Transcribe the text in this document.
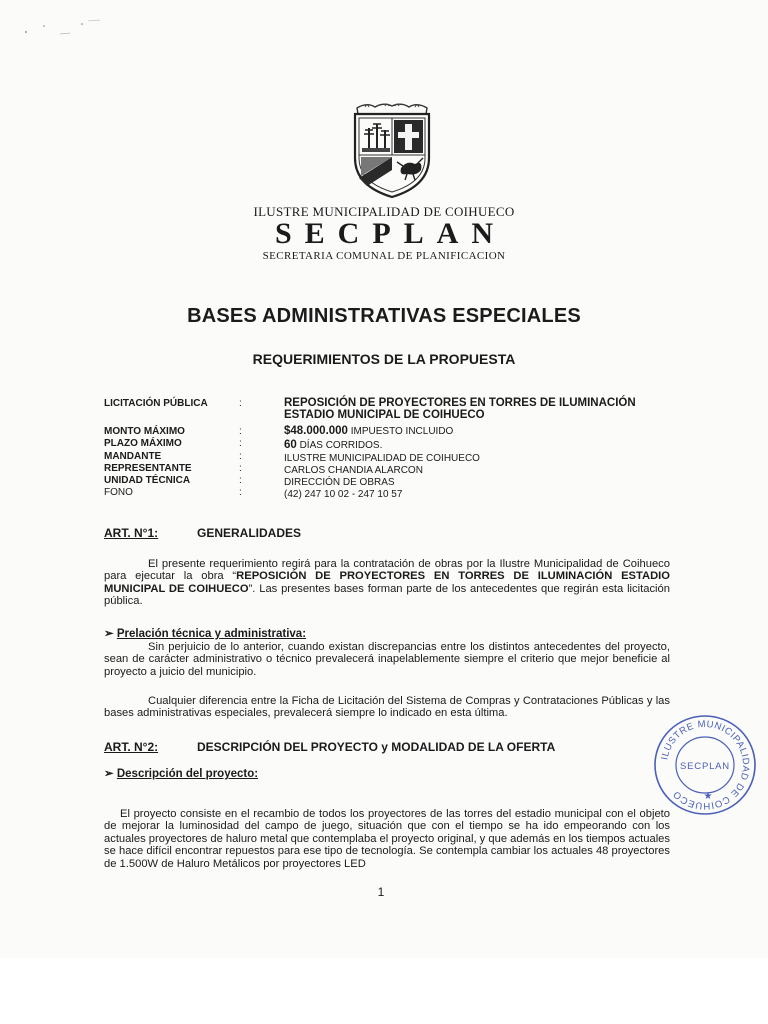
ILUSTRE MUNICIPALIDAD DE COIHUECO
SECPLAN
SECRETARIA COMUNAL DE PLANIFICACION
BASES ADMINISTRATIVAS ESPECIALES
REQUERIMIENTOS DE LA PROPUESTA
LICITACIÓN PÚBLICA	:	REPOSICIÓN DE PROYECTORES EN TORRES DE ILUMINACIÓN
ESTADIO MUNICIPAL DE COIHUECO
MONTO MÁXIMO	:	$48.000.000 IMPUESTO INCLUIDO
PLAZO MÁXIMO	:	60 DÍAS CORRIDOS.
MANDANTE	:	ILUSTRE MUNICIPALIDAD DE COIHUECO
REPRESENTANTE	:	CARLOS CHANDIA ALARCON
UNIDAD TÉCNICA	:	DIRECCIÓN DE OBRAS
FONO	:	(42) 247 10 02 - 247 10 57
ART. N°1:	GENERALIDADES
El presente requerimiento regirá para la contratación de obras por la Ilustre Municipalidad de Coihueco para ejecutar la obra “REPOSICIÓN DE PROYECTORES EN TORRES DE ILUMINACIÓN ESTADIO MUNICIPAL DE COIHUECO”. Las presentes bases forman parte de los antecedentes que regirán esta licitación pública.
➢ Prelación técnica y administrativa:
Sin perjuicio de lo anterior, cuando existan discrepancias entre los distintos antecedentes del proyecto, sean de carácter administrativo o técnico prevalecerá inapelablemente siempre el criterio que mejor beneficie al proyecto a juicio del municipio.
Cualquier diferencia entre la Ficha de Licitación del Sistema de Compras y Contrataciones Públicas y las bases administrativas especiales, prevalecerá siempre lo indicado en esta última.
ART. N°2:	DESCRIPCIÓN DEL PROYECTO y MODALIDAD DE LA OFERTA
➢ Descripción del proyecto:
El proyecto consiste en el recambio de todos los proyectores de las torres del estadio municipal con el objeto de mejorar la luminosidad del campo de juego, situación que con el tiempo se ha ido empeorando con los actuales proyectores de haluro metal que contemplaba el proyecto original, y que además en los tiempos actuales se hace difícil encontrar repuestos para ese tipo de tecnología. Se contempla cambiar los actuales 48 proyectores de 1.500W de Haluro Metálicos por proyectores LED
ILUSTRE MUNICIPALIDAD DE COIHUECO
SECPLAN
★
1
